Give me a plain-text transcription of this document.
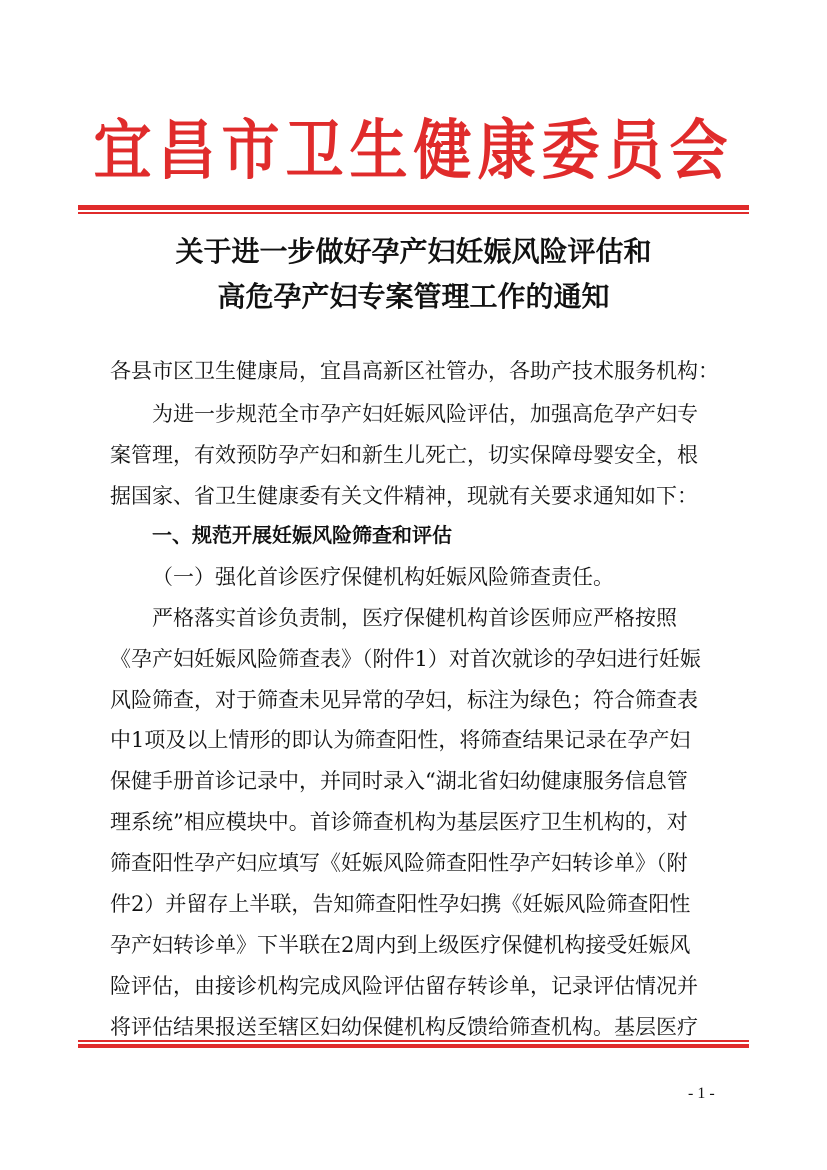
宜昌市卫生健康委员会
关于进一步做好孕产妇妊娠风险评估和
高危孕产妇专案管理工作的通知
各县市区卫生健康局，宜昌高新区社管办，各助产技术服务机构：
为进一步规范全市孕产妇妊娠风险评估，加强高危孕产妇专
案管理，有效预防孕产妇和新生儿死亡，切实保障母婴安全，根
据国家、省卫生健康委有关文件精神，现就有关要求通知如下：
一、规范开展妊娠风险筛查和评估
（一）强化首诊医疗保健机构妊娠风险筛查责任。
严格落实首诊负责制，医疗保健机构首诊医师应严格按照
《孕产妇妊娠风险筛查表》（附件1）对首次就诊的孕妇进行妊娠
风险筛查，对于筛查未见异常的孕妇，标注为绿色；符合筛查表
中1项及以上情形的即认为筛查阳性，将筛查结果记录在孕产妇
保健手册首诊记录中，并同时录入“湖北省妇幼健康服务信息管
理系统”相应模块中。首诊筛查机构为基层医疗卫生机构的，对
筛查阳性孕产妇应填写《妊娠风险筛查阳性孕产妇转诊单》（附
件2）并留存上半联，告知筛查阳性孕妇携《妊娠风险筛查阳性
孕产妇转诊单》下半联在2周内到上级医疗保健机构接受妊娠风
险评估，由接诊机构完成风险评估留存转诊单，记录评估情况并
将评估结果报送至辖区妇幼保健机构反馈给筛查机构。基层医疗
- 1 -
